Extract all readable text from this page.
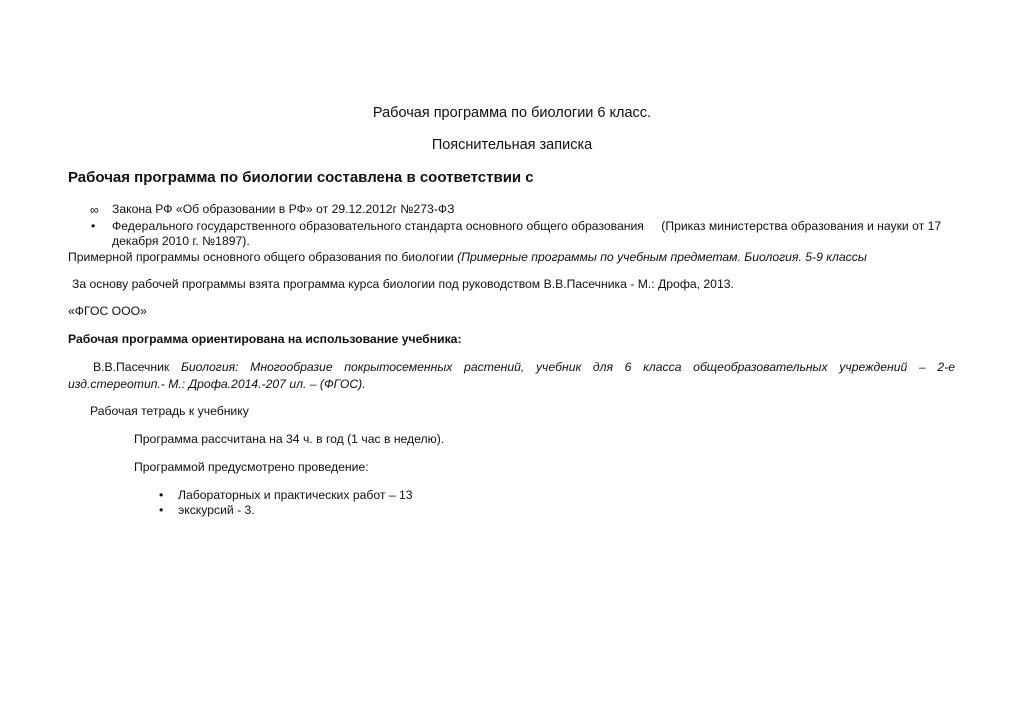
Рабочая программа по биологии 6 класс.
Пояснительная записка
Рабочая программа по биологии составлена в соответствии с
∞ Закона РФ «Об образовании в РФ» от 29.12.2012г №273-ФЗ
• Федерального государственного образовательного стандарта основного общего образования (Приказ министерства образования и науки от 17
декабря 2010 г. №1897).
Примерной программы основного общего образования по биологии (Примерные программы по учебным предметам. Биология. 5-9 классы
За основу рабочей программы взята программа курса биологии под руководством В.В.Пасечника - М.: Дрофа, 2013.
«ФГОС ООО»
Рабочая программа ориентирована на использование учебника:
В.В.Пасечник Биология: Многообразие покрытосеменных растений, учебник для 6 класса общеобразовательных учреждений – 2-е
изд.стереотип.- М.: Дрофа.2014.-207 ил. – (ФГОС).
Рабочая тетрадь к учебнику
Программа рассчитана на 34 ч. в год (1 час в неделю).
Программой предусмотрено проведение:
• Лабораторных и практических работ – 13
• экскурсий - 3.
